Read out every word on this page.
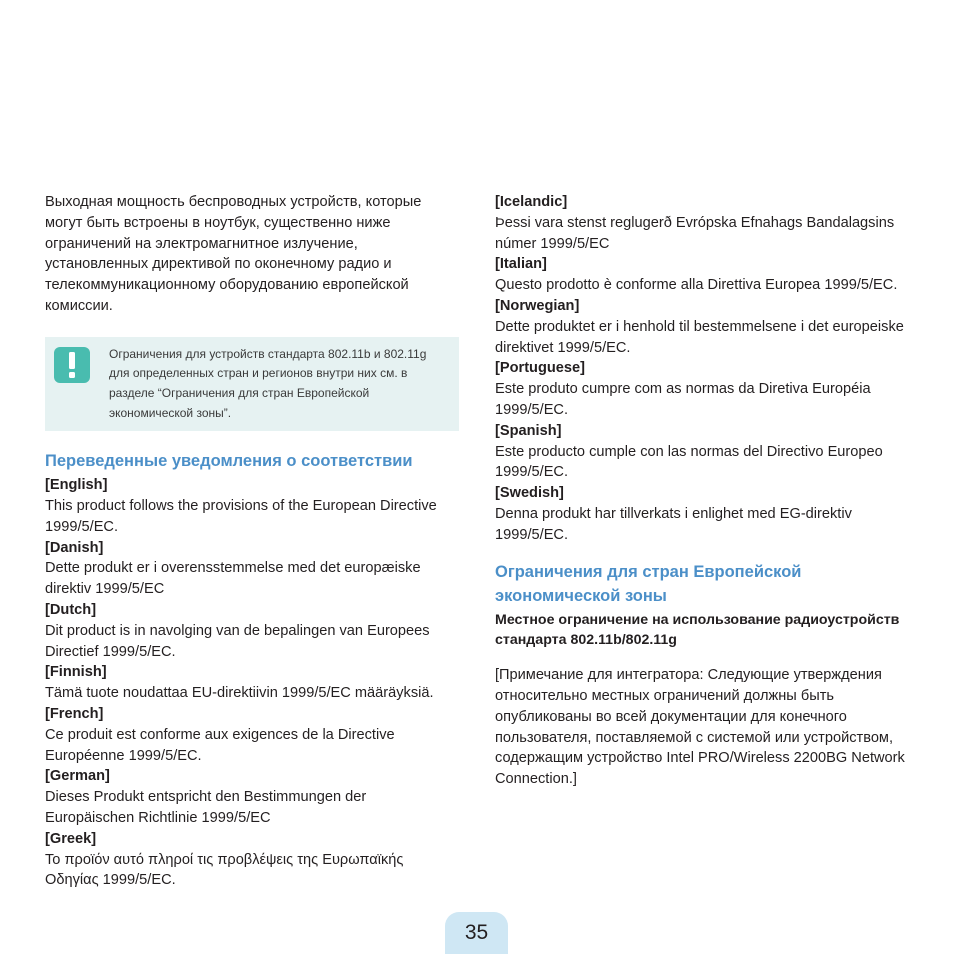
Выходная мощность беспроводных устройств, которые могут быть встроены в ноутбук, существенно ниже ограничений на электромагнитное излучение, установленных директивой по оконечному радио и телекоммуникационному оборудованию европейской комиссии.

Ограничения для устройств стандарта 802.11b и 802.11g для определенных стран и регионов внутри них см. в разделе “Ограничения для стран Европейской экономической зоны”.

Переведенные уведомления о соответствии

[English]

This product follows the provisions of the European Directive 1999/5/EC.

[Danish]

Dette produkt er i overensstemmelse med det europæiske direktiv 1999/5/EC

[Dutch]

Dit product is in navolging van de bepalingen van Europees Directief 1999/5/EC.

[Finnish]

Tämä tuote noudattaa EU-direktiivin 1999/5/EC määräyksiä.

[French]

Ce produit est conforme aux exigences de la Directive Européenne 1999/5/EC.

[German]

Dieses Produkt entspricht den Bestimmungen der Europäischen Richtlinie 1999/5/EC

[Greek]

Το προϊόν αυτό πληροί τις προβλέψεις της Ευρωπαϊκής Οδηγίας 1999/5/EC.

[Icelandic]

Þessi vara stenst reglugerð Evrópska Efnahags Bandalagsins númer 1999/5/EC

[Italian]

Questo prodotto è conforme alla Direttiva Europea 1999/5/EC.

[Norwegian]

Dette produktet er i henhold til bestemmelsene i det europeiske direktivet 1999/5/EC.

[Portuguese]

Este produto cumpre com as normas da Diretiva Européia 1999/5/EC.

[Spanish]

Este producto cumple con las normas del Directivo Europeo 1999/5/EC.

[Swedish]

Denna produkt har tillverkats i enlighet med EG-direktiv 1999/5/EC.

Ограничения для стран Европейской экономической зоны

Местное ограничение на использование радиоустройств стандарта 802.11b/802.11g

[Примечание для интегратора: Следующие утверждения относительно местных ограничений должны быть опубликованы во всей документации для конечного пользователя, поставляемой с системой или устройством, содержащим устройство Intel PRO/Wireless 2200BG Network Connection.]

35
